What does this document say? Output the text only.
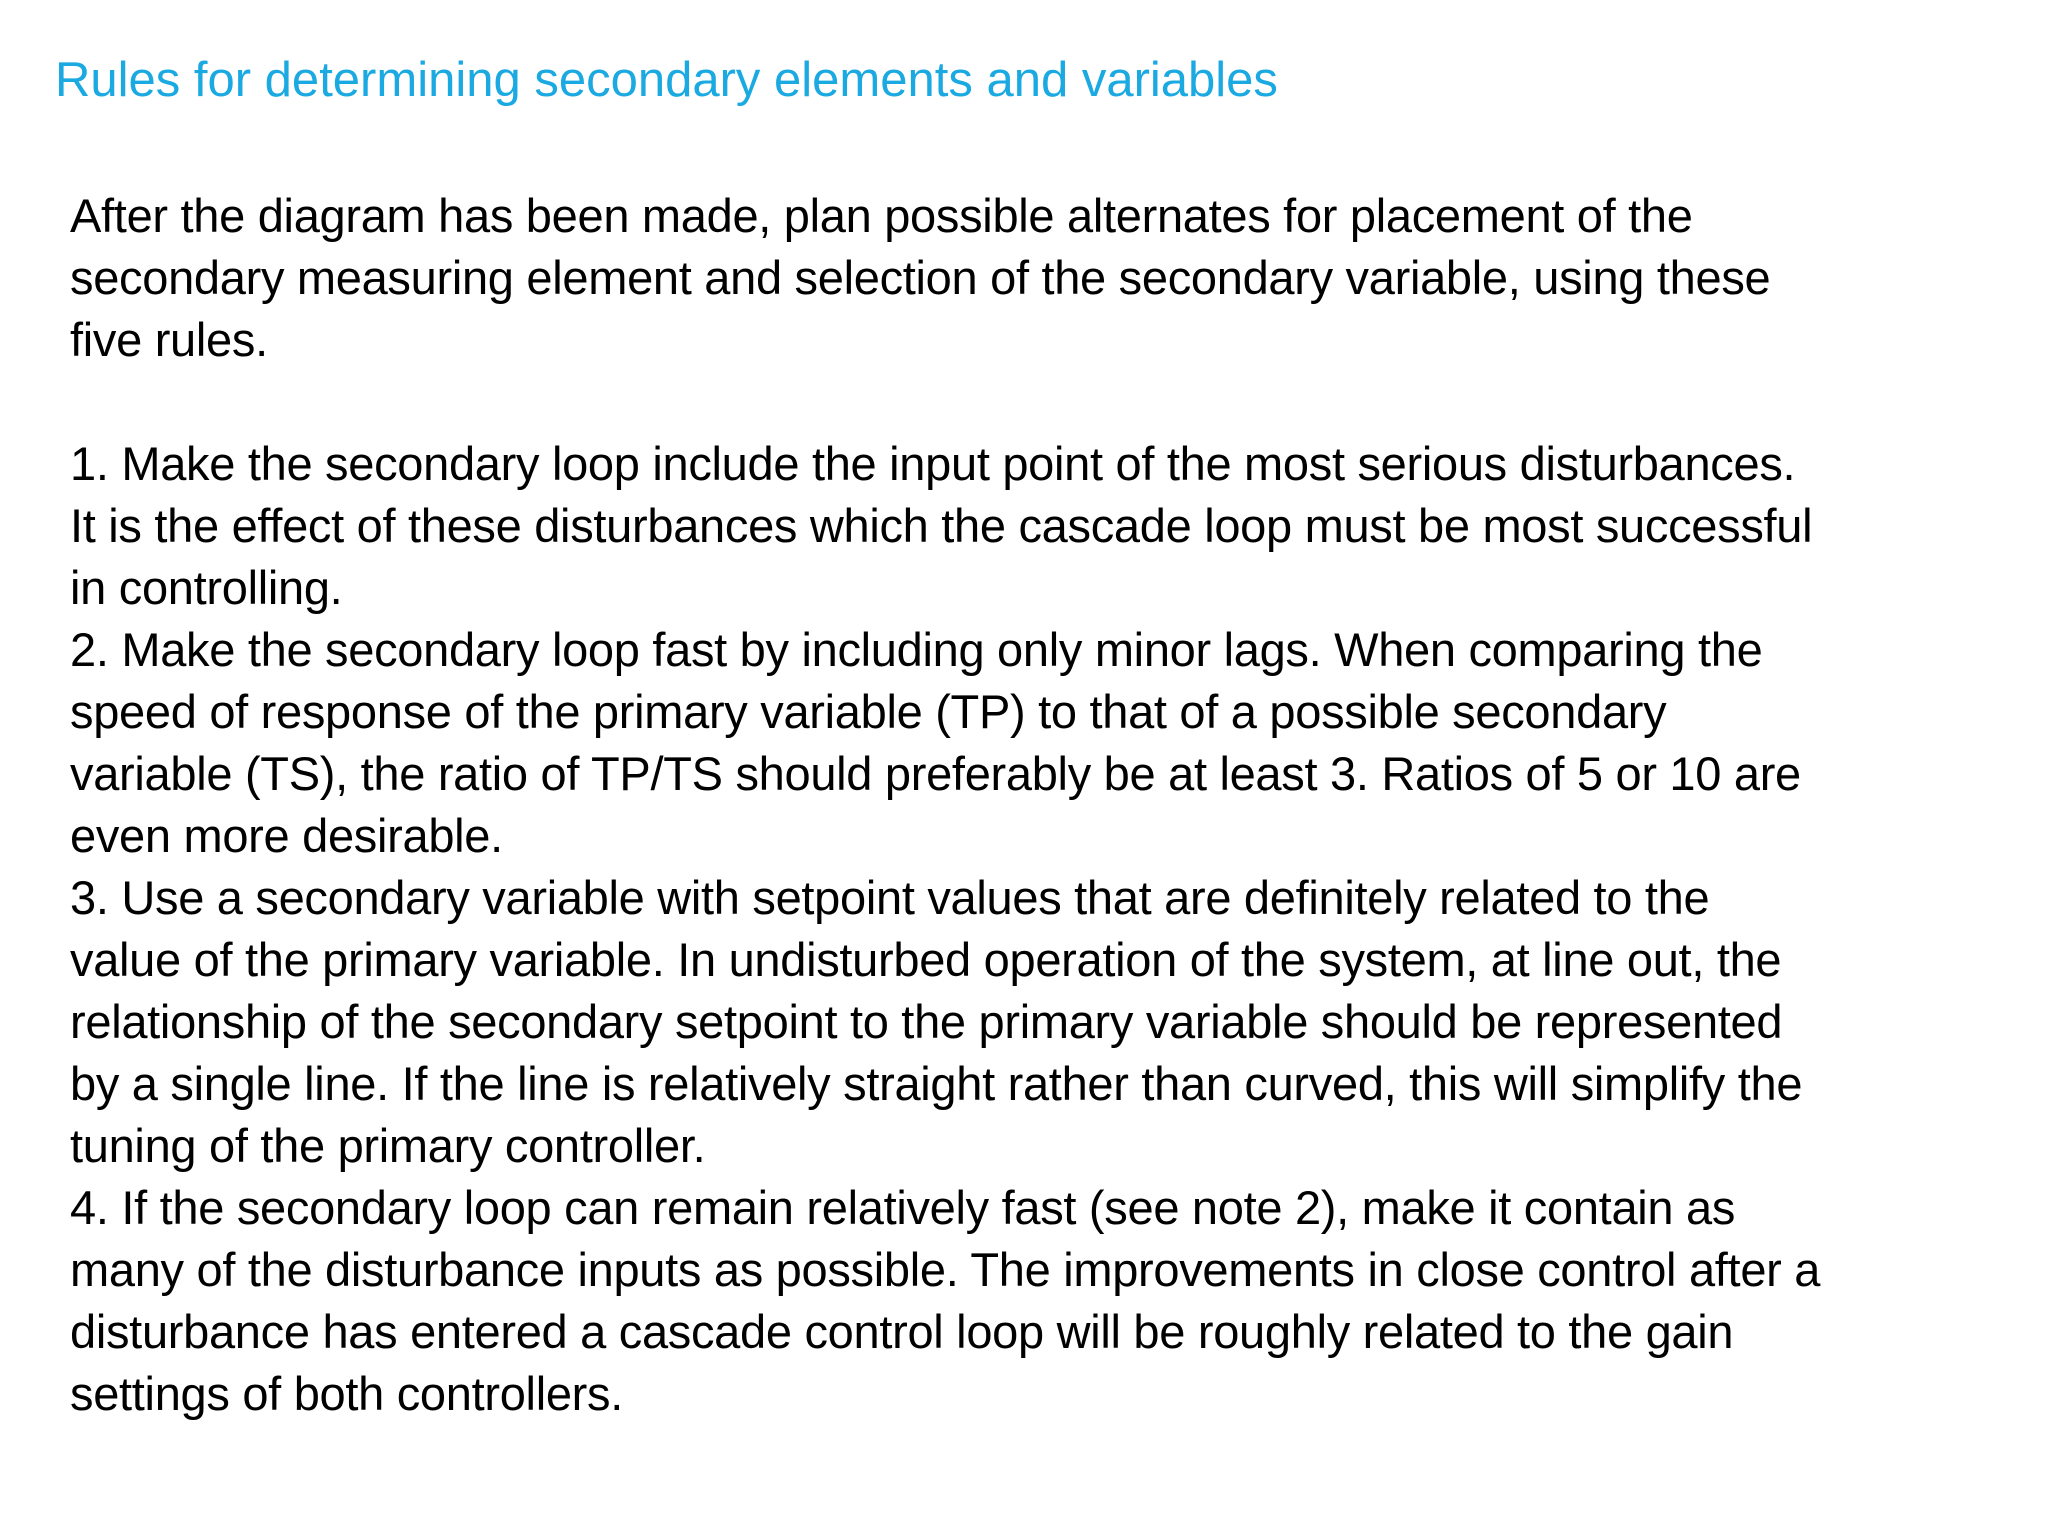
Rules for determining secondary elements and variables

After the diagram has been made, plan possible alternates for placement of the
secondary measuring element and selection of the secondary variable, using these
five rules.

1. Make the secondary loop include the input point of the most serious disturbances.
It is the effect of these disturbances which the cascade loop must be most successful
in controlling.

2. Make the secondary loop fast by including only minor lags. When comparing the
speed of response of the primary variable (TP) to that of a possible secondary
variable (TS), the ratio of TP/TS should preferably be at least 3. Ratios of 5 or 10 are
even more desirable.

3. Use a secondary variable with setpoint values that are definitely related to the
value of the primary variable. In undisturbed operation of the system, at line out, the
relationship of the secondary setpoint to the primary variable should be represented
by a single line. If the line is relatively straight rather than curved, this will simplify the
tuning of the primary controller.

4. If the secondary loop can remain relatively fast (see note 2), make it contain as
many of the disturbance inputs as possible. The improvements in close control after a
disturbance has entered a cascade control loop will be roughly related to the gain
settings of both controllers.
